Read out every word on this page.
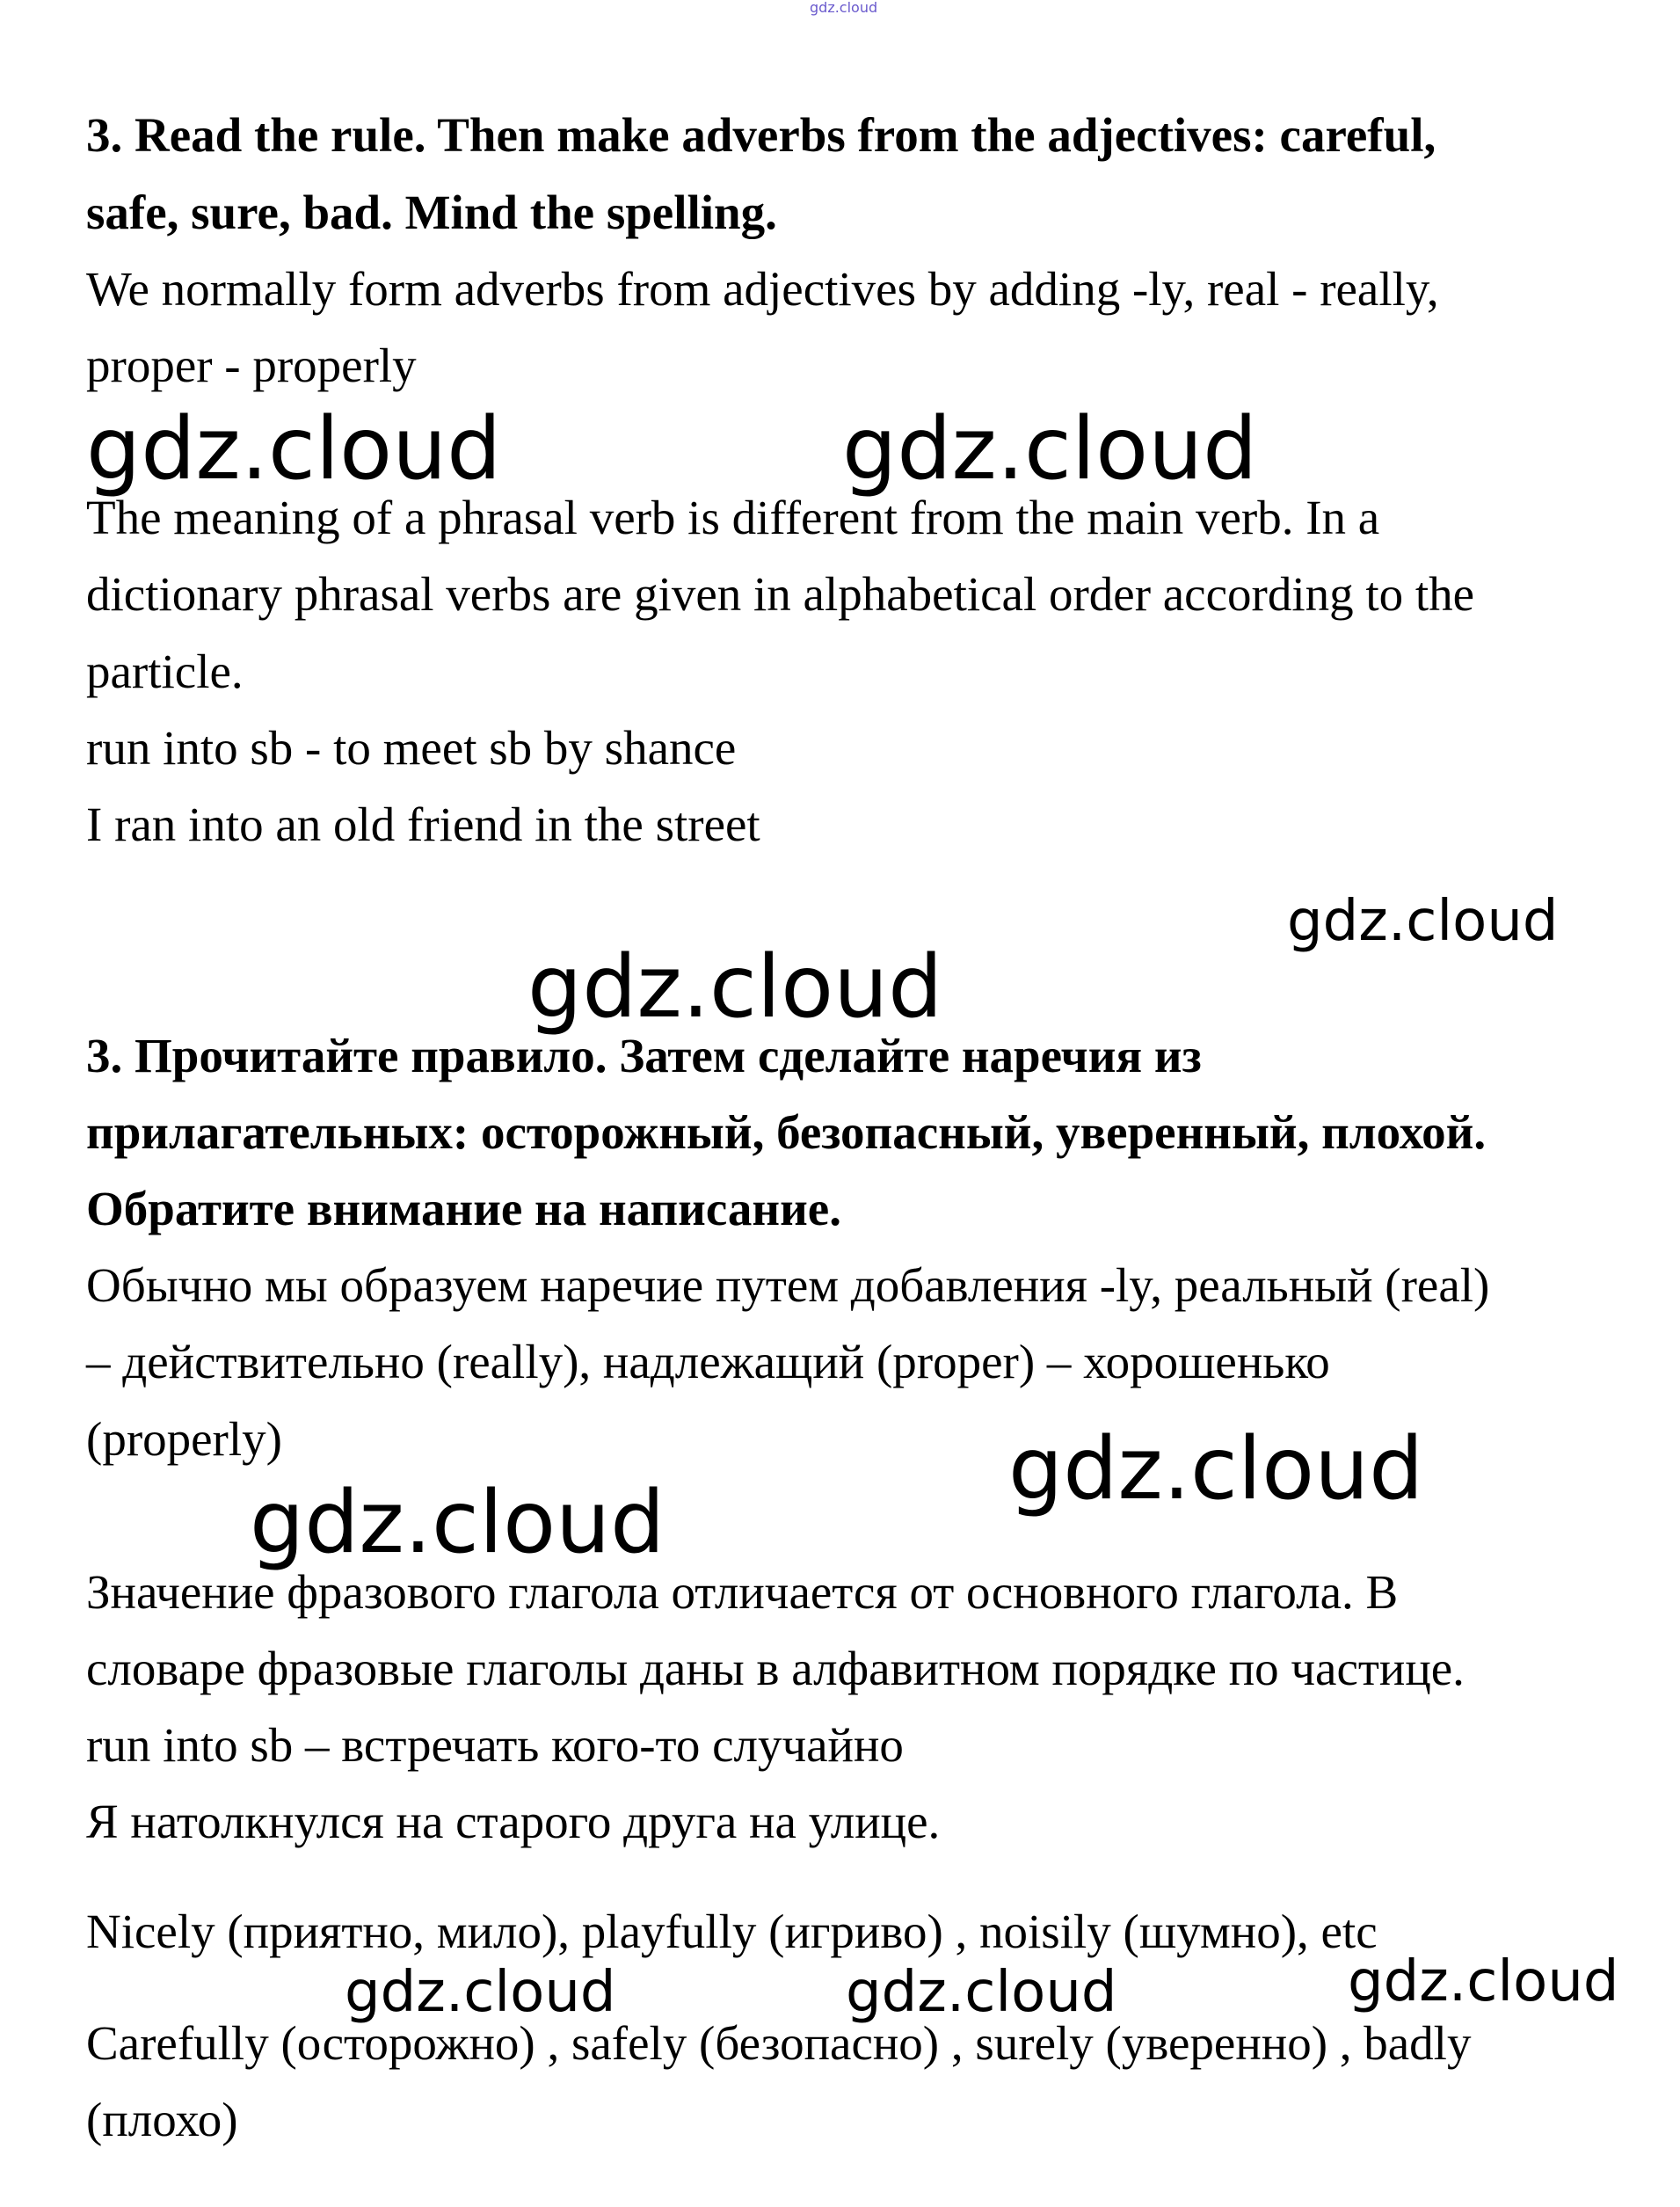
gdz.cloud

3. Read the rule. Then make adverbs from the adjectives: careful,

safe, sure, bad. Mind the spelling.

We normally form adverbs from adjectives by adding -ly, real - really,

proper - properly

The meaning of a phrasal verb is different from the main verb. In a

dictionary phrasal verbs are given in alphabetical order according to the

particle.

run into sb - to meet sb by shance

I ran into an old friend in the street

3. Прочитайте правило. Затем сделайте наречия из

прилагательных: осторожный, безопасный, уверенный, плохой.

Обратите внимание на написание.

Обычно мы образуем наречие путем добавления -ly, реальный (real)

– действительно (really), надлежащий (proper) – хорошенько

(properly)

Значение фразового глагола отличается от основного глагола. В

словаре фразовые глаголы даны в алфавитном порядке по частице.

run into sb – встречать кого-то случайно

Я натолкнулся на старого друга на улице.

Nicely (приятно, мило), playfully (игриво) , noisily (шумно), etc

Carefully (осторожно) , safely (безопасно) , surely (уверенно) , badly

(плохо)

gdz.cloud	gdz.cloud
gdz.cloud
gdz.cloud
gdz.cloud
gdz.cloud
gdz.cloud	gdz.cloud	gdz.cloud
